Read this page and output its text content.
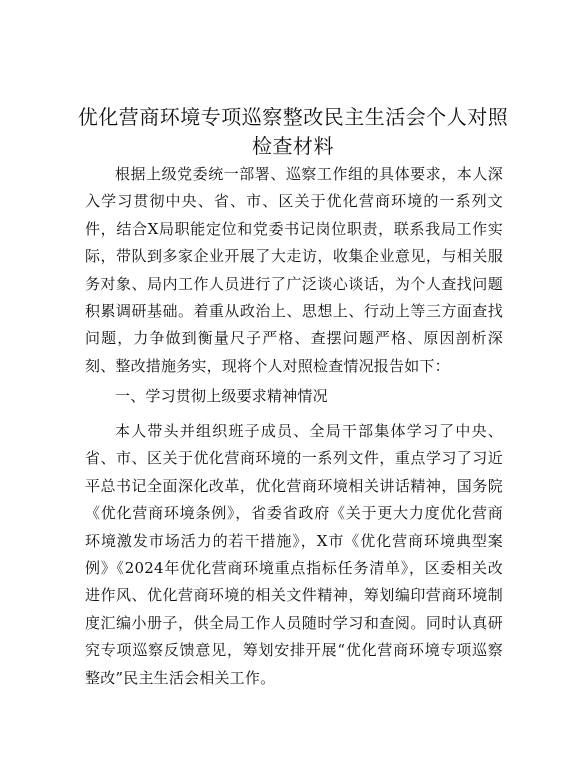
优化营商环境专项巡察整改民主生活会个人对照检查材料

根据上级党委统一部署、巡察工作组的具体要求，本人深入学习贯彻中央、省、市、区关于优化营商环境的一系列文件，结合X局职能定位和党委书记岗位职责，联系我局工作实际，带队到多家企业开展了大走访，收集企业意见，与相关服务对象、局内工作人员进行了广泛谈心谈话，为个人查找问题积累调研基础。着重从政治上、思想上、行动上等三方面查找问题，力争做到衡量尺子严格、查摆问题严格、原因剖析深刻、整改措施务实，现将个人对照检查情况报告如下：

一、学习贯彻上级要求精神情况

本人带头并组织班子成员、全局干部集体学习了中央、省、市、区关于优化营商环境的一系列文件，重点学习了习近平总书记全面深化改革，优化营商环境相关讲话精神，国务院《优化营商环境条例》，省委省政府《关于更大力度优化营商环境激发市场活力的若干措施》，X市《优化营商环境典型案例》《2024年优化营商环境重点指标任务清单》，区委相关改进作风、优化营商环境的相关文件精神，筹划编印营商环境制度汇编小册子，供全局工作人员随时学习和查阅。同时认真研究专项巡察反馈意见，筹划安排开展“优化营商环境专项巡察整改”民主生活会相关工作。
